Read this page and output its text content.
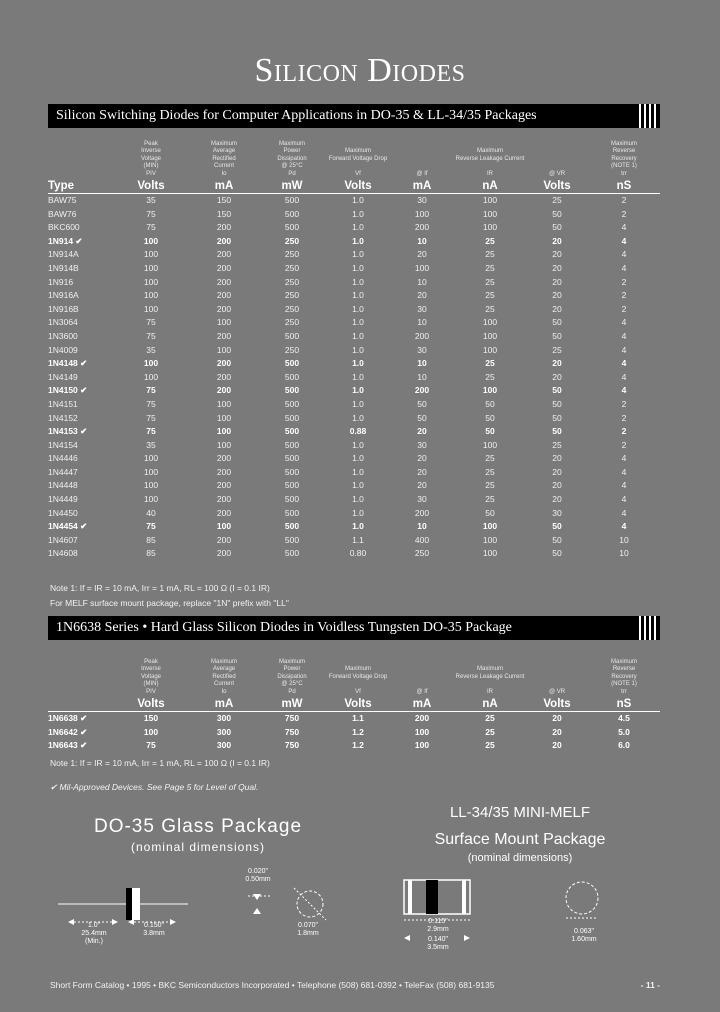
Silicon Diodes
Silicon Switching Diodes for Computer Applications in DO-35 & LL-34/35 Packages
	Peak
Inverse
Voltage
(MIN)
PIV	Maximum
Average
Rectified
Current
Io	Maximum
Power
Dissipation
@ 25°C
Pd	Maximum
Forward Voltage Drop

Vf	

@ If	Maximum
Reverse Leakage Current

IR	

@ VR	Maximum
Reverse
Recovery
(NOTE 1)
trr
Type	Volts	mA	mW	Volts	mA	nA	Volts	nS
BAW75	35	150	500	1.0	30	100	25	2
BAW76	75	150	500	1.0	100	100	50	2
BKC600	75	200	500	1.0	200	100	50	4
1N914 ✔	100	200	250	1.0	10	25	20	4
1N914A	100	200	250	1.0	20	25	20	4
1N914B	100	200	250	1.0	100	25	20	4
1N916	100	200	250	1.0	10	25	20	2
1N916A	100	200	250	1.0	20	25	20	2
1N916B	100	200	250	1.0	30	25	20	2
1N3064	75	100	250	1.0	10	100	50	4
1N3600	75	200	500	1.0	200	100	50	4
1N4009	35	100	250	1.0	30	100	25	4
1N4148 ✔	100	200	500	1.0	10	25	20	4
1N4149	100	200	500	1.0	10	25	20	4
1N4150 ✔	75	200	500	1.0	200	100	50	4
1N4151	75	100	500	1.0	50	50	50	2
1N4152	75	100	500	1.0	50	50	50	2
1N4153 ✔	75	100	500	0.88	20	50	50	2
1N4154	35	100	500	1.0	30	100	25	2
1N4446	100	200	500	1.0	20	25	20	4
1N4447	100	200	500	1.0	20	25	20	4
1N4448	100	200	500	1.0	20	25	20	4
1N4449	100	200	500	1.0	30	25	20	4
1N4450	40	200	500	1.0	200	50	30	4
1N4454 ✔	75	100	500	1.0	10	100	50	4
1N4607	85	200	500	1.1	400	100	50	10
1N4608	85	200	500	0.80	250	100	50	10
Note 1: If = IR = 10 mA, Irr = 1 mA, RL = 100 Ω (I = 0.1 IR)
For MELF surface mount package, replace "1N" prefix with "LL"
1N6638 Series • Hard Glass Silicon Diodes in Voidless Tungsten DO-35 Package
	Peak
Inverse
Voltage
(MIN)
PIV	Maximum
Average
Rectified
Current
Io	Maximum
Power
Dissipation
@ 25°C
Pd	Maximum
Forward Voltage Drop

Vf	

@ If	Maximum
Reverse Leakage Current

IR	

@ VR	Maximum
Reverse
Recovery
(NOTE 1)
trr
	Volts	mA	mW	Volts	mA	nA	Volts	nS
1N6638 ✔	150	300	750	1.1	200	25	20	4.5
1N6642 ✔	100	300	750	1.2	100	25	20	5.0
1N6643 ✔	75	300	750	1.2	100	25	20	6.0
Note 1: If = IR = 10 mA, Irr = 1 mA, RL = 100 Ω (I = 0.1 IR)
✔ Mil-Approved Devices. See Page 5 for Level of Qual.
DO-35 Glass Package
(nominal dimensions)
1.0"
25.4mm
(Min.)
0.150"
3.8mm
0.020"
0.50mm
0.070"
1.8mm
LL-34/35 MINI-MELF
Surface Mount Package
(nominal dimensions)
0.115"
2.9mm
0.140"
3.5mm
0.063"
1.60mm
Short Form Catalog • 1995 • BKC Semiconductors Incorporated • Telephone (508) 681-0392 • TeleFax (508) 681-9135	- 11 -
